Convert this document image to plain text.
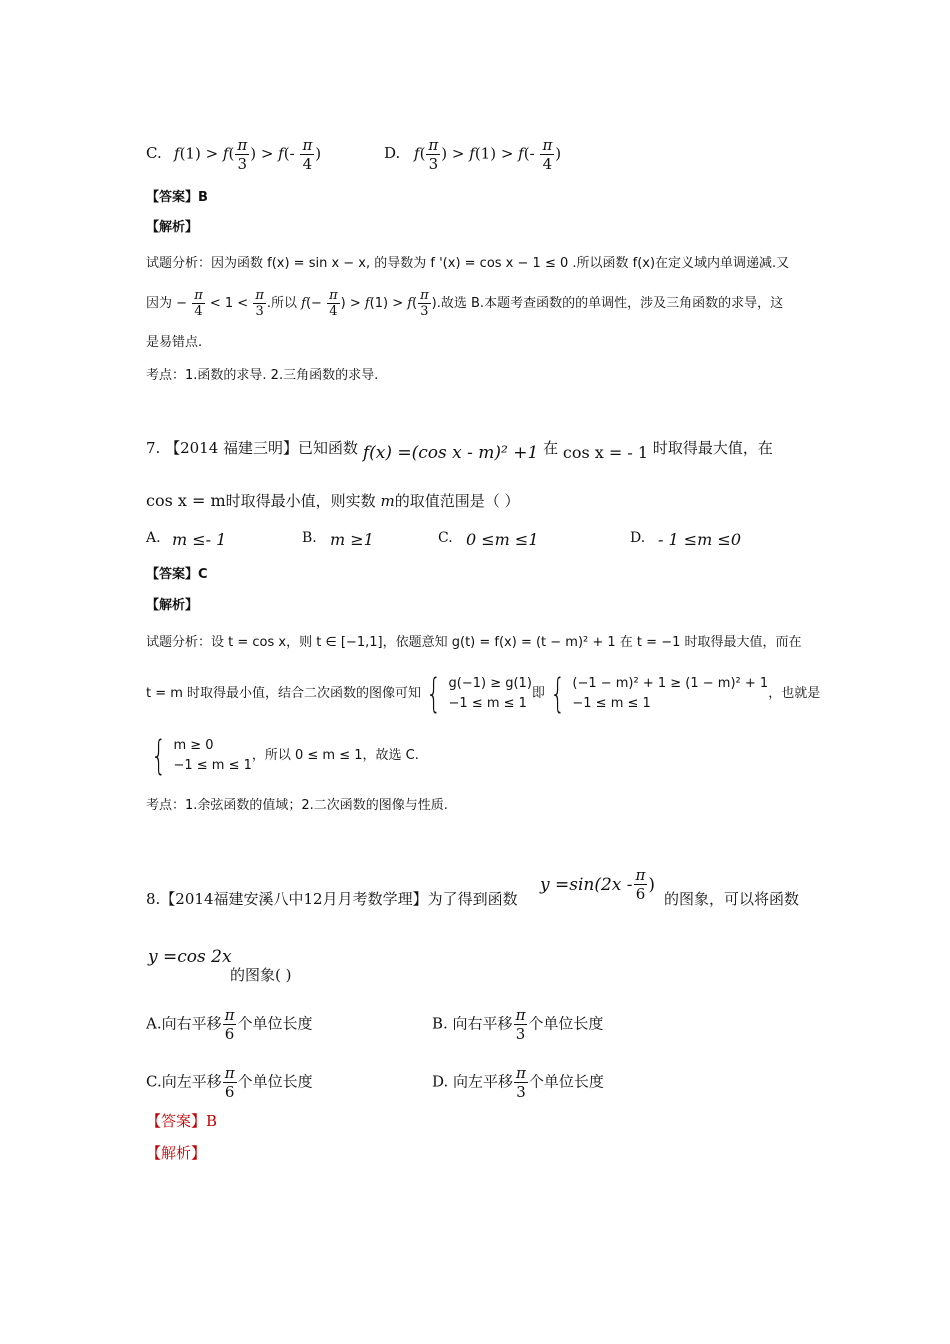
C. $f(1) > f( \frac{\pi}{3}$ ) > $f(- \frac{\pi}{4}$ )	D. $f( \frac{\pi}{3}$ ) > $f(1) > f(- \frac{\pi}{4}$ )
【答案】B
【解析】
试题分析：因为函数 f(x) = sin x − x, 的导数为 f '(x) = cos x − 1 ≤ 0 .所以函数 f(x)在定义域内单调递减.又
因为 − $\frac{\pi}{4} < 1 < \frac{\pi}{3}$ .所以 $f(- \frac{\pi}{4}$ ) > $f(1) > f( \frac{\pi}{3}$ ).故选 B.本题考查函数的的单调性，涉及三角函数的求导，这
是易错点.
考点：1.函数的求导. 2.三角函数的求导.
7. 【2014 福建三明】已知函数 f(x) =(cos x - m)² +1 在 cos x = - 1 时取得最大值，在
cos x = m时取得最小值，则实数 m的取值范围是（ ）
A. m ≤- 1	B. m ≥1	C. 0 ≤m ≤1	D. - 1 ≤m ≤0
【答案】C
【解析】
试题分析：设 t = cos x，则 t ∈ [−1,1]，依题意知 g(t) = f(x) = (t − m)² + 1 在 t = −1 时取得最大值，而在
t = m 时取得最小值，结合二次函数的图像可知 { g(−1) ≥ g(1)
−1 ≤ m ≤ 1
即 { (−1 − m)² + 1 ≥ (1 − m)² + 1
−1 ≤ m ≤ 1
，也就是
{ m ≥ 0
−1 ≤ m ≤ 1
，所以 0 ≤ m ≤ 1，故选 C.
考点：1.余弦函数的值域；2.二次函数的图像与性质.
8.【2014福建安溪八中12月月考数学理】为了得到函数
$y =\sin(2x - \frac{\pi}{6}$ )
的图象，可以将函数
y =cos 2x
的图象( )
A.向右平移 $\frac{\pi}{6}$ 个单位长度	B. 向右平移 $\frac{\pi}{3}$ 个单位长度
C.向左平移 $\frac{\pi}{6}$ 个单位长度	D. 向左平移 $\frac{\pi}{3}$ 个单位长度
【答案】B
【解析】
